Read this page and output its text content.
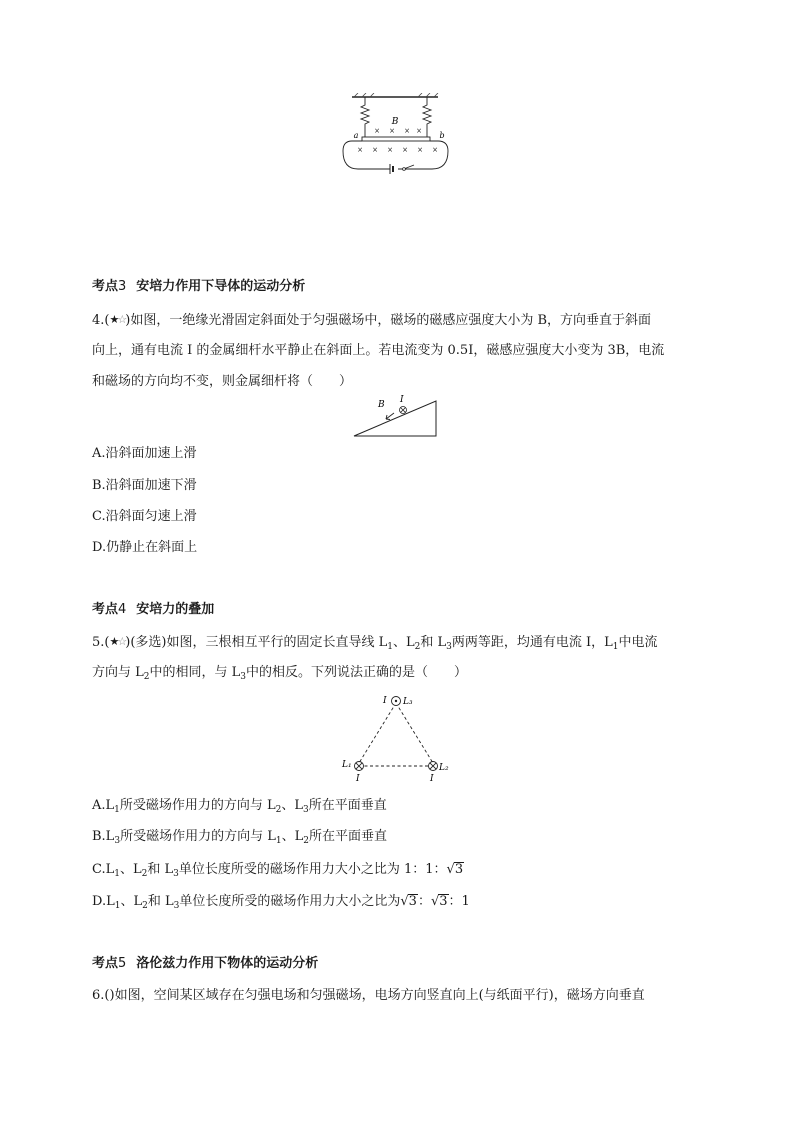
× × × ×
× × × × × ×
B
a	b
考点3 安培力作用下导体的运动分析
4.(★☆)如图，一绝缘光滑固定斜面处于匀强磁场中，磁场的磁感应强度大小为 B，方向垂直于斜面
向上，通有电流 I 的金属细杆水平静止在斜面上。若电流变为 0.5I，磁感应强度大小变为 3B，电流
和磁场的方向均不变，则金属细杆将（　　）
B I
A.沿斜面加速上滑
B.沿斜面加速下滑
C.沿斜面匀速上滑
D.仍静止在斜面上
考点4 安培力的叠加
5.(★☆)(多选)如图，三根相互平行的固定长直导线 $L_1$、$L_2$和 $L_3$两两等距，均通有电流 I，$L_1$中电流
方向与 $L_2$中的相同，与 $L_3$中的相反。下列说法正确的是（　　）
I L₃
L₁	L₂
I	I
$A.L_1$所受磁场作用力的方向与 $L_2$、$L_3$所在平面垂直
$B.L_3$所受磁场作用力的方向与 $L_1$、$L_2$所在平面垂直
$C.L_1$、$L_2$和 $L_3$单位长度所受的磁场作用力大小之比为 1：1：√3
$D.L_1$、$L_2$和 $L_3$单位长度所受的磁场作用力大小之比为√3：√3：1
考点5 洛伦兹力作用下物体的运动分析
6.()如图，空间某区域存在匀强电场和匀强磁场，电场方向竖直向上(与纸面平行)，磁场方向垂直
